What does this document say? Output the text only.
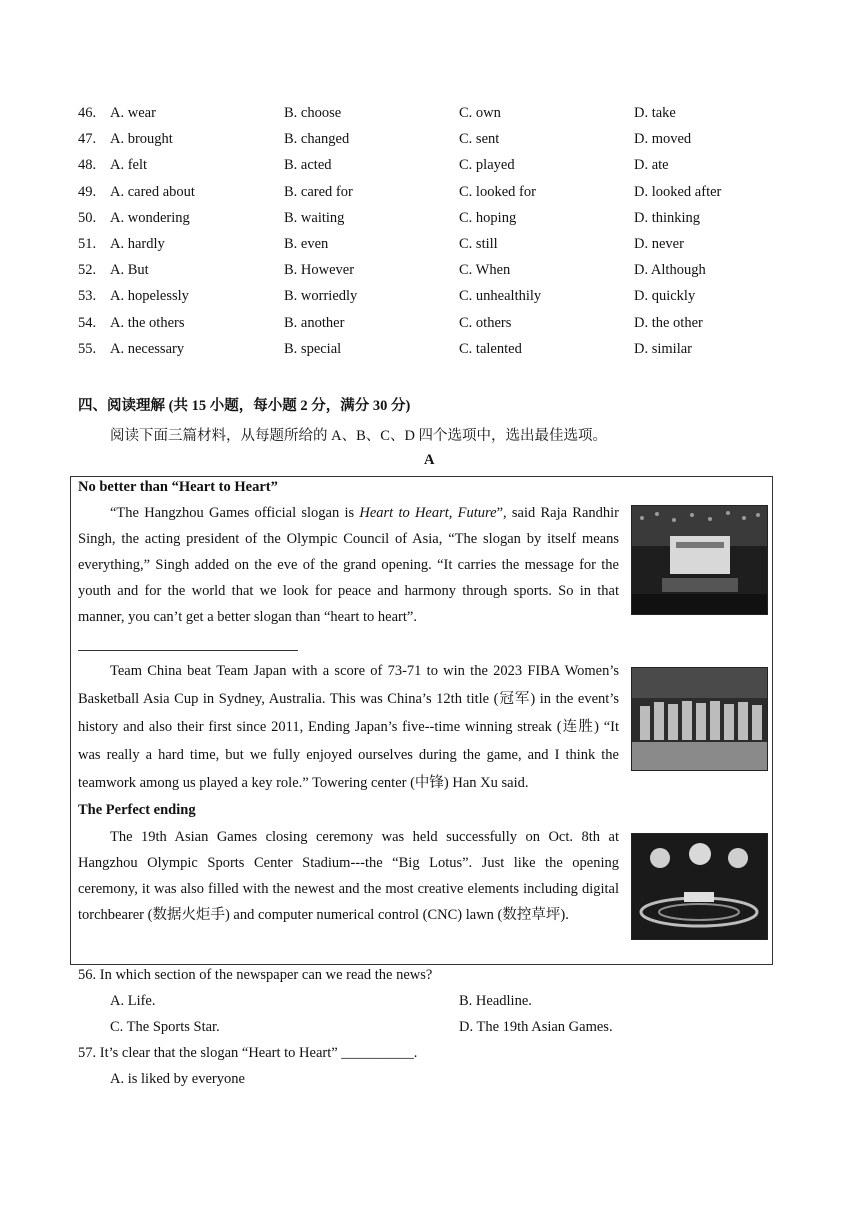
46. A. wear	B. choose	C. own	D. take
47. A. brought	B. changed	C. sent	D. moved
48. A. felt	B. acted	C. played	D. ate
49. A. cared about	B. cared for	C. looked for	D. looked after
50. A. wondering	B. waiting	C. hoping	D. thinking
51. A. hardly	B. even	C. still	D. never
52. A. But	B. However	C. When	D. Although
53. A. hopelessly	B. worriedly	C. unhealthily	D. quickly
54. A. the others	B. another	C. others	D. the other
55. A. necessary	B. special	C. talented	D. similar
四、阅读理解 (共 15 小题，每小题 2 分，满分 30 分)
阅读下面三篇材料，从每题所给的 A、B、C、D 四个选项中，选出最佳选项。
A
No better than “Heart to Heart”
“The Hangzhou Games official slogan is Heart to Heart, Future”, said Raja Randhir Singh, the acting president of the Olympic Council of Asia, “The slogan by itself means everything,” Singh added on the eve of the grand opening. “It carries the message for the youth and for the world that we look for peace and harmony through sports. So in that manner, you can’t get a better slogan than “heart to heart”.
Team China beat Team Japan with a score of 73-71 to win the 2023 FIBA Women’s Basketball Asia Cup in Sydney, Australia. This was China’s 12th title (冠军) in the event’s history and also their first since 2011, Ending Japan’s five--time winning streak (连胜) “It was really a hard time, but we fully enjoyed ourselves during the game, and I think the teamwork among us played a key role.” Towering center (中锋) Han Xu said.
The Perfect ending
The 19th Asian Games closing ceremony was held successfully on Oct. 8th at Hangzhou Olympic Sports Center Stadium---the “Big Lotus”. Just like the opening ceremony, it was also filled with the newest and the most creative elements including digital torchbearer (数据火炬手) and computer numerical control (CNC) lawn (数控草坪).
56. In which section of the newspaper can we read the news?
A. Life.	B. Headline.
C. The Sports Star.	D. The 19th Asian Games.
57. It’s clear that the slogan “Heart to Heart” __________.
A. is liked by everyone
